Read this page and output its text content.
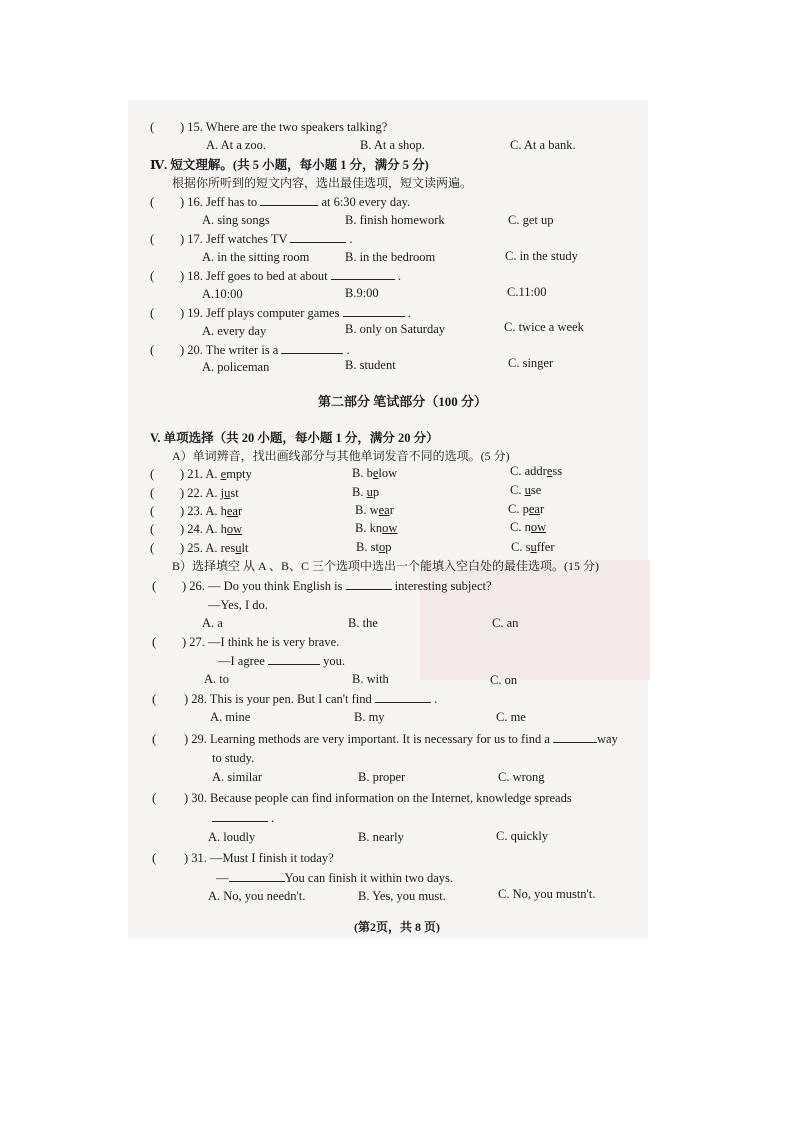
( ) 15. Where are the two speakers talking?
A. At a zoo.	B. At a shop.	C. At a bank.
Ⅳ. 短文理解。(共 5 小题，每小题 1 分，满分 5 分)
根据你所听到的短文内容，选出最佳选项，短文读两遍。
( ) 16. Jeff has to	at 6:30 every day.
A. sing songs	B. finish homework	C. get up
( ) 17. Jeff watches TV	.
A. in the sitting room	B. in the bedroom	C. in the study
( ) 18. Jeff goes to bed at about	.
A.10:00	B.9:00	C.11:00
( ) 19. Jeff plays computer games	.
A. every day	B. only on Saturday	C. twice a week
( ) 20. The writer is a	.
A. policeman	B. student	C. singer
第二部分 笔试部分（100 分）
V. 单项选择（共 20 小题，每小题 1 分，满分 20 分）
A）单词辨音，找出画线部分与其他单词发音不同的选项。(5 分)
( ) 21. A. empty	B. below	C. address
( ) 22. A. just	B. up	C. use
( ) 23. A. hear	B. wear	C. pear
( ) 24. A. how	B. know	C. now
( ) 25. A. result	B. stop	C. suffer
B）选择填空 从 A 、B、C 三个选项中选出一个能填入空白处的最佳选项。(15 分)
( ) 26. — Do you think English is	interesting subject?
—Yes, I do.
A. a	B. the	C. an
( ) 27. —I think he is very brave.
—I agree	you.
A. to	B. with	C. on
( ) 28. This is your pen. But I can't find	.
A. mine	B. my	C. me
( ) 29. Learning methods are very important. It is necessary for us to find a	way
to study.
A. similar	B. proper	C. wrong
( ) 30. Because people can find information on the Internet, knowledge spreads
.
A. loudly	B. nearly	C. quickly
( ) 31. —Must I finish it today?
—	You can finish it within two days.
A. No, you needn't.	B. Yes, you must.	C. No, you mustn't.
(第2页，共 8 页)
